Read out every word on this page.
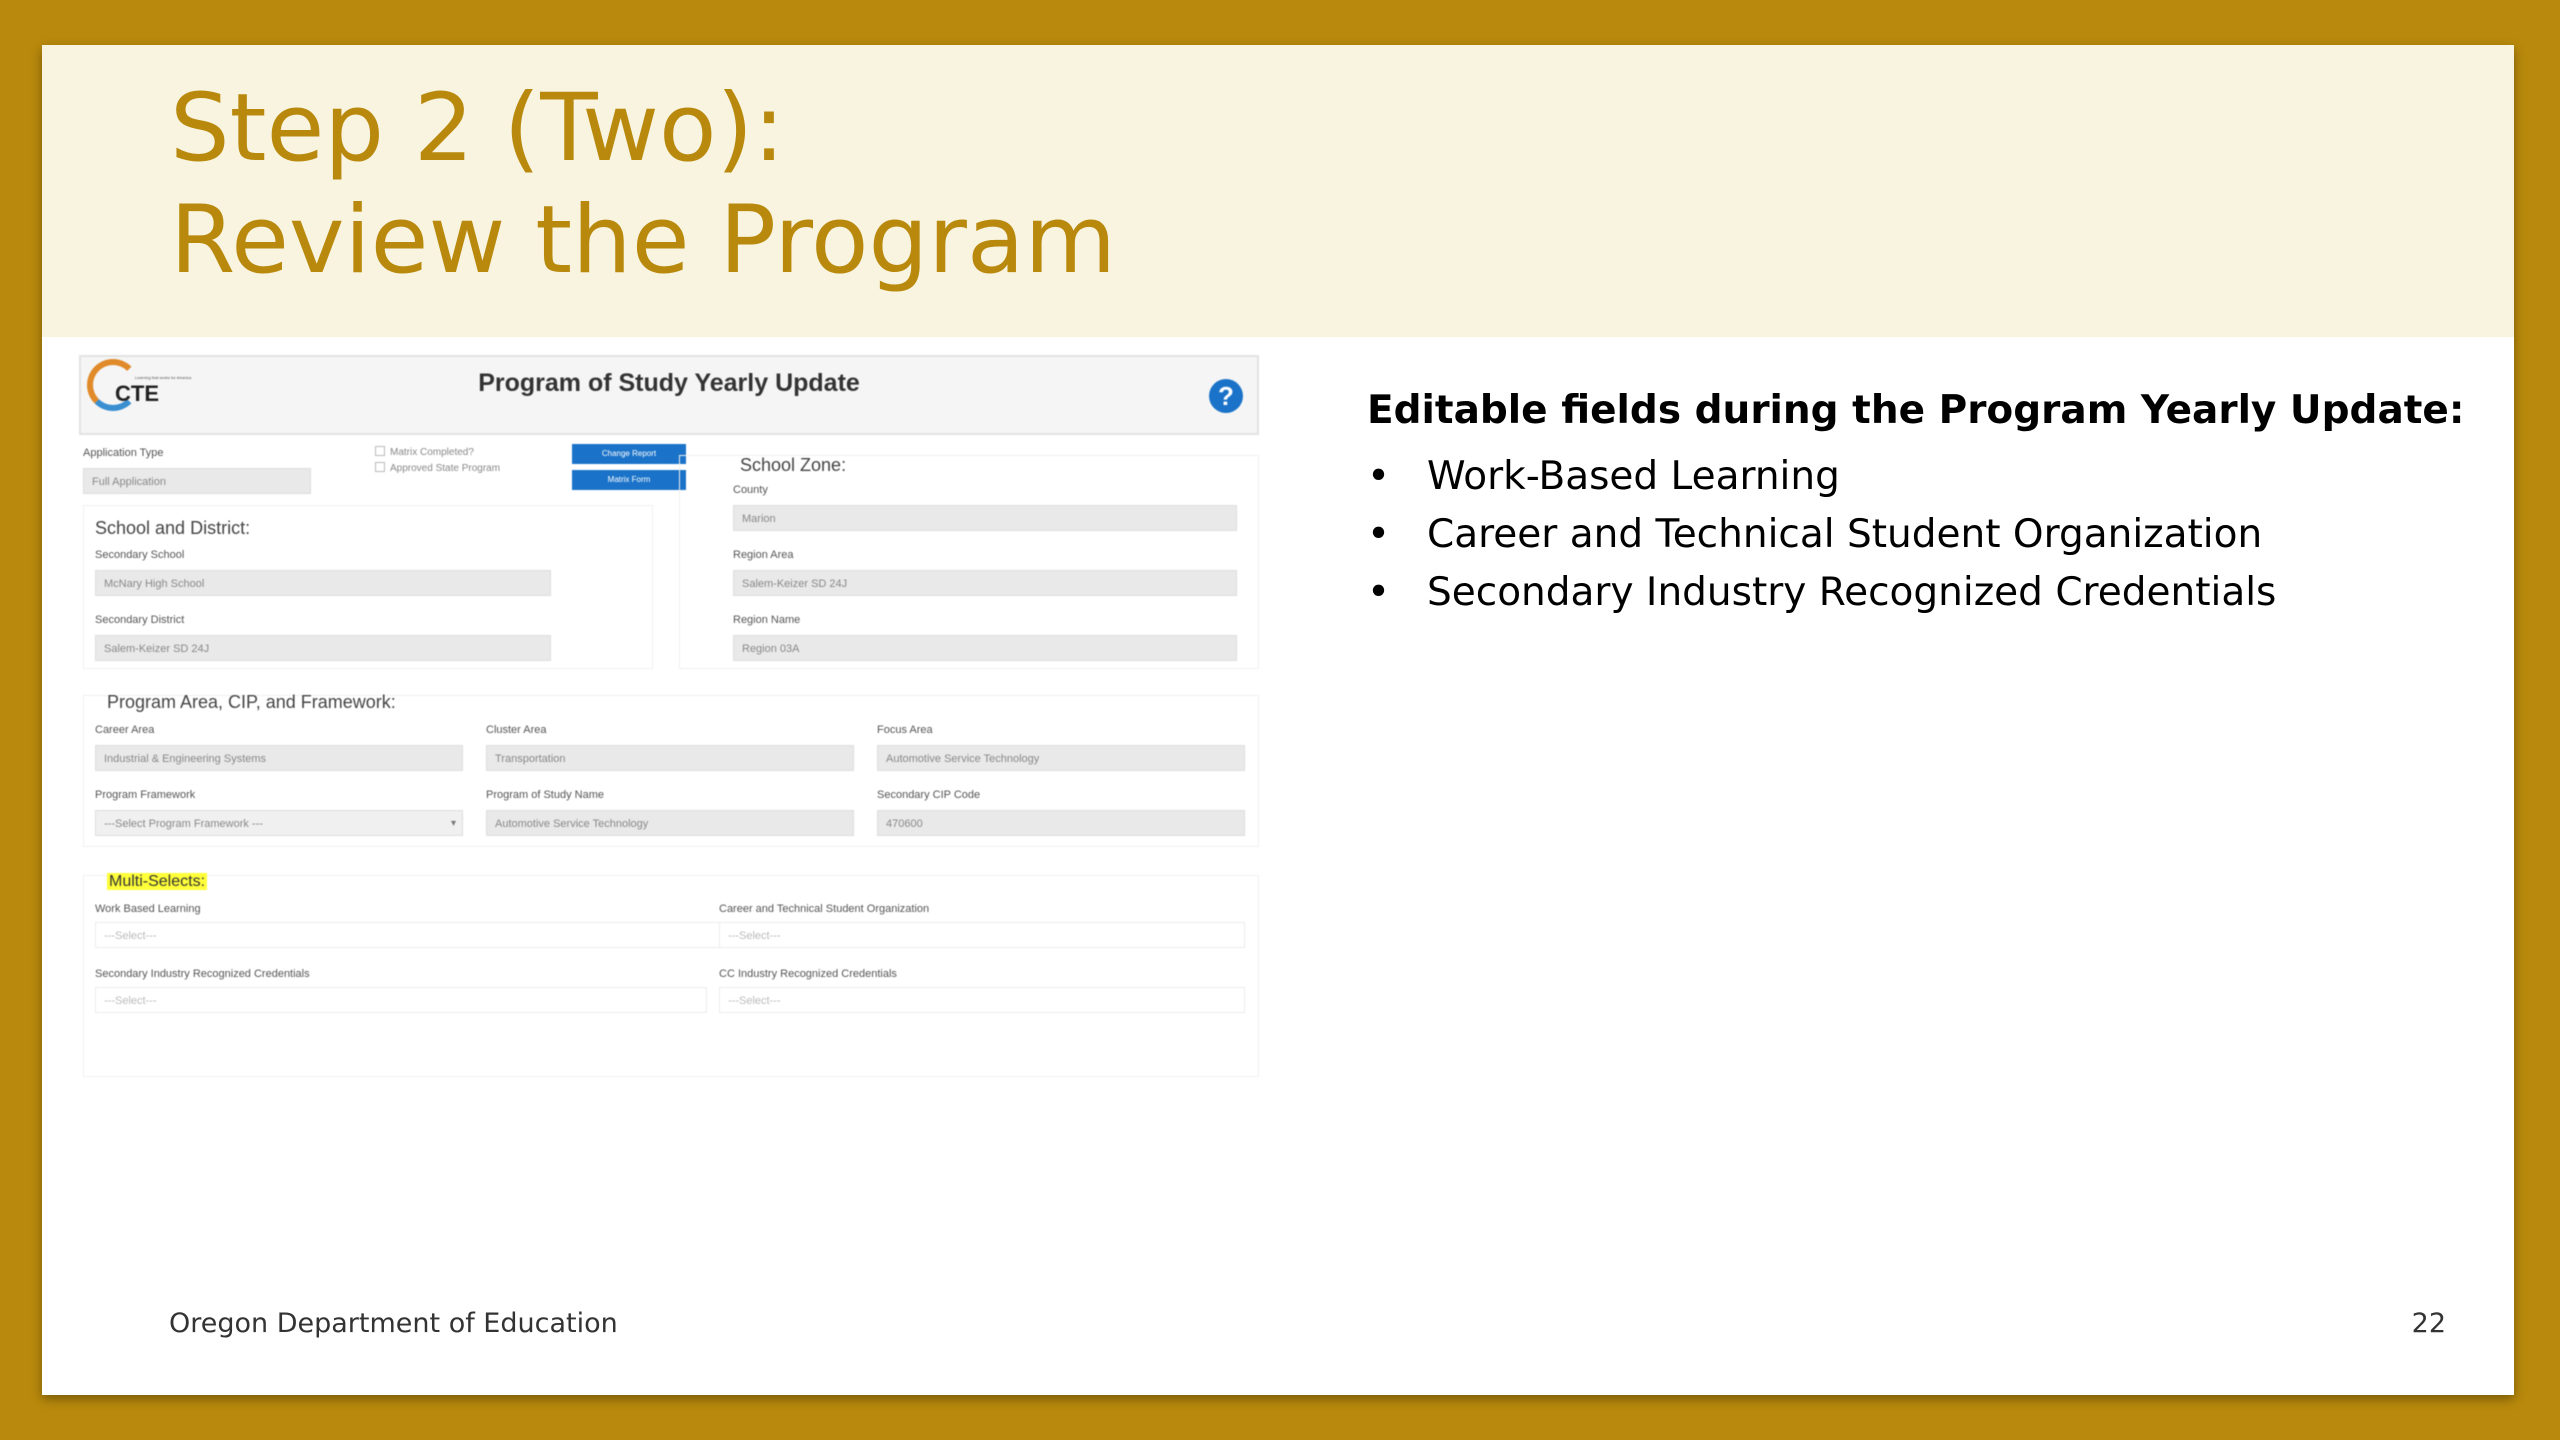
Step 2 (Two):
Review the Program
CTE
Learning that works for America	Program of Study Yearly Update	?
Application Type
Full Application
Matrix Completed?
Approved State Program
Change Report
Matrix Form
School and District:
Secondary School
McNary High School
Secondary District
Salem-Keizer SD 24J
School Zone:
County
Marion
Region Area
Salem-Keizer SD 24J
Region Name
Region 03A
Program Area, CIP, and Framework:
Career Area
Industrial & Engineering Systems
Cluster Area
Transportation
Focus Area
Automotive Service Technology
Program Framework
---Select Program Framework ---	▾
Program of Study Name
Automotive Service Technology
Secondary CIP Code
470600
Multi-Selects:
Work Based Learning
---Select---
Career and Technical Student Organization
---Select---
Secondary Industry Recognized Credentials
---Select---
CC Industry Recognized Credentials
---Select---

Editable fields during the Program Yearly Update:

• Work-Based Learning
• Career and Technical Student Organization
• Secondary Industry Recognized Credentials
Oregon Department of Education	22
